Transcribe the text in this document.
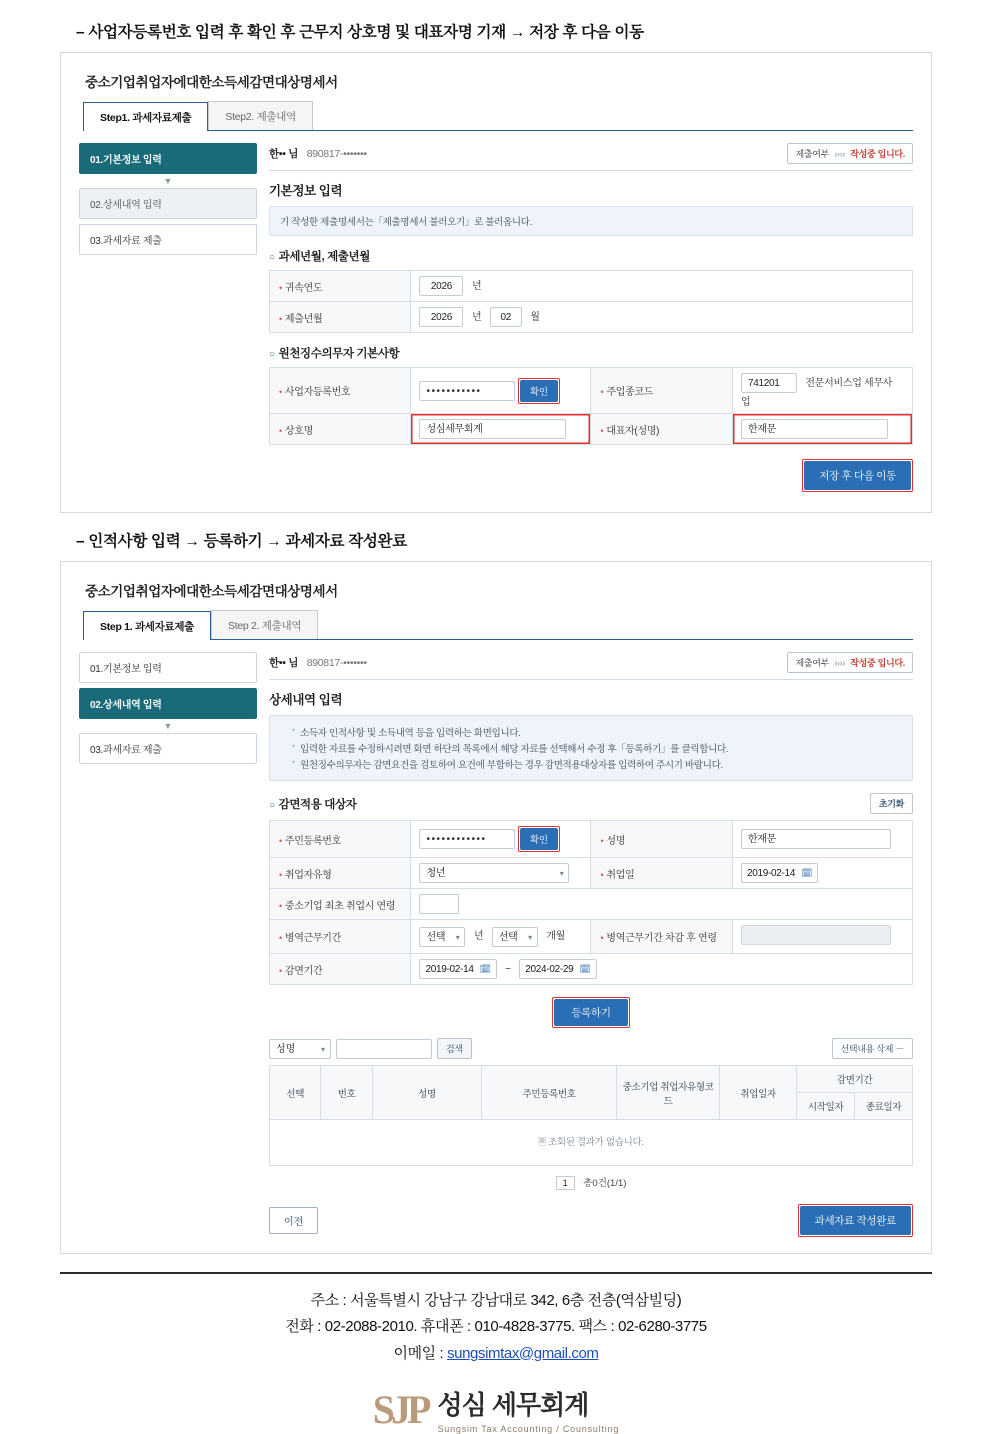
– 사업자등록번호 입력 후 확인 후 근무지 상호명 및 대표자명 기재 → 저장 후 다음 이동

중소기업취업자에대한소득세감면대상명세서
Step1. 과세자료제출	Step2. 제출내역
01.기본정보 입력
▼
02.상세내역 입력
03.과세자료 제출
한•• 님 890817-•••••••	제출여부 ›››› 작성중 입니다.
기본정보 입력
기 작성한 제출명세서는「제출명세서 불러오기」로 불러옵니다.
○ 과세년월, 제출년월
• 귀속연도	2026 년
• 제출년월	2026 년 02 월
○ 원천징수의무자 기본사항
• 사업자등록번호	••••••••••• 확인	• 주업종코드	741201 전문서비스업 세무사업
• 상호명	성심세무회계	• 대표자(성명)	한재문
저장 후 다음 이동

– 인적사항 입력 → 등록하기 → 과세자료 작성완료

중소기업취업자에대한소득세감면대상명세서
Step 1. 과세자료제출	Step 2. 제출내역
01.기본정보 입력
02.상세내역 입력
▼
03.과세자료 제출
한•• 님 890817-•••••••	제출여부 ›››› 작성중 입니다.
상세내역 입력
· 소득자 인적사항 및 소득내역 등을 입력하는 화면입니다.
· 입력한 자료를 수정하시려면 화면 하단의 목록에서 해당 자료를 선택해서 수정 후「등록하기」를 클릭합니다.
· 원천징수의무자는 감면요건을 검토하여 요건에 부합하는 경우 감면적용대상자를 입력하여 주시기 바랍니다.
○ 감면적용 대상자	초기화
• 주민등록번호	•••••••••••• 확인	• 성명	한재문
• 취업자유형	청년 ▾	• 취업일	2019-02-14 🗓

• 중소기업 최초 취업시 연령			
• 병역근무기간	선택 ▾ 년 선택 ▾ 개월	• 병역근무기간 차감 후 연령	
• 감면기간	2019-02-14 🗓 ~ 2024-02-29 🗓		
등록하기
성명 ▾	검색	선택내용 삭제 －
선택	번호	성명	주민등록번호	중소기업 취업자유형코드	취업일자	감면기간	
						시작일자	종료일자
🗏 조회된 결과가 없습니다.							
1 총0건(1/1)
이전	과세자료 작성완료
주소 : 서울특별시 강남구 강남대로 342, 6층 전층(역삼빌딩)
전화 : 02-2088-2010. 휴대폰 : 010-4828-3775. 팩스 : 02-6280-3775
이메일 : sungsimtax@gmail.com
SJP 성심 세무회계
Sungsim Tax Accounting / Counsulting
